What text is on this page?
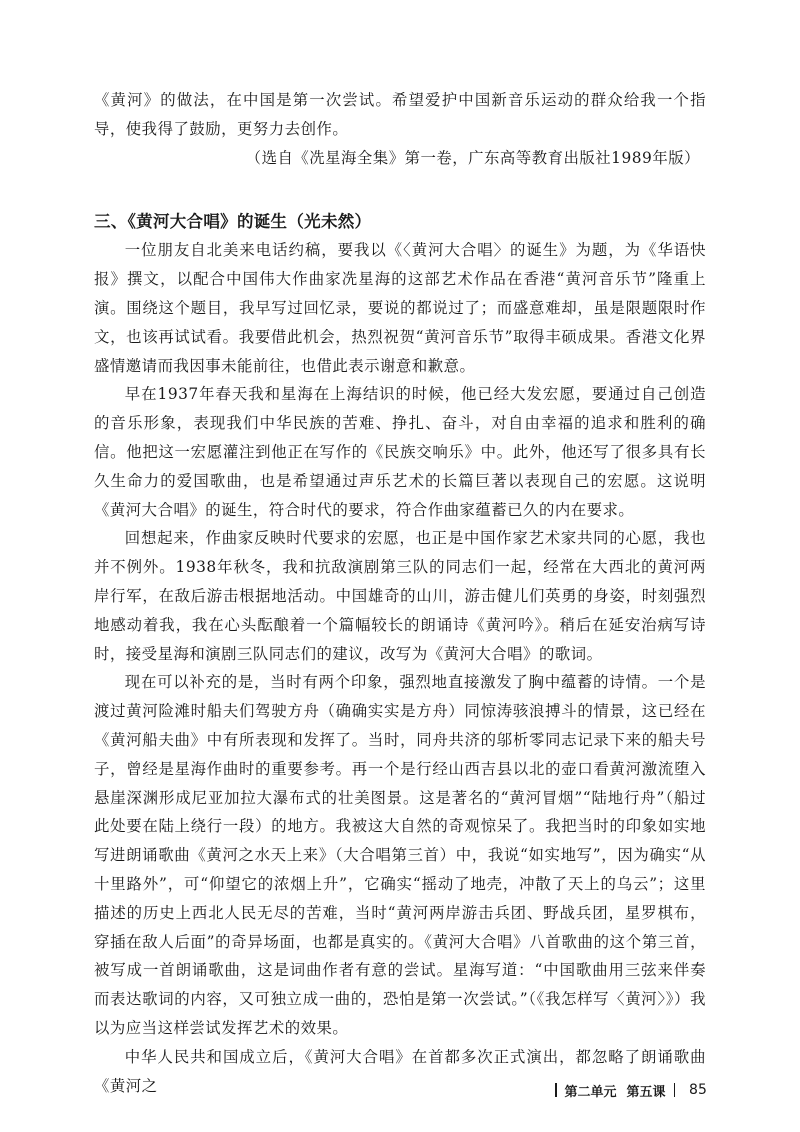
《黄河》的做法，在中国是第一次尝试。希望爱护中国新音乐运动的群众给我一个指导，使我得了鼓励，更努力去创作。

（选自《冼星海全集》第一卷，广东高等教育出版社1989年版）

三、《黄河大合唱》的诞生（光未然）

一位朋友自北美来电话约稿，要我以《〈黄河大合唱〉的诞生》为题，为《华语快报》撰文，以配合中国伟大作曲家冼星海的这部艺术作品在香港“黄河音乐节”隆重上演。围绕这个题目，我早写过回忆录，要说的都说过了；而盛意难却，虽是限题限时作文，也该再试试看。我要借此机会，热烈祝贺“黄河音乐节”取得丰硕成果。香港文化界盛情邀请而我因事未能前往，也借此表示谢意和歉意。

早在1937年春天我和星海在上海结识的时候，他已经大发宏愿，要通过自己创造的音乐形象，表现我们中华民族的苦难、挣扎、奋斗，对自由幸福的追求和胜利的确信。他把这一宏愿灌注到他正在写作的《民族交响乐》中。此外，他还写了很多具有长久生命力的爱国歌曲，也是希望通过声乐艺术的长篇巨著以表现自己的宏愿。这说明《黄河大合唱》的诞生，符合时代的要求，符合作曲家蕴蓄已久的内在要求。

回想起来，作曲家反映时代要求的宏愿，也正是中国作家艺术家共同的心愿，我也并不例外。1938年秋冬，我和抗敌演剧第三队的同志们一起，经常在大西北的黄河两岸行军，在敌后游击根据地活动。中国雄奇的山川，游击健儿们英勇的身姿，时刻强烈地感动着我，我在心头酝酿着一个篇幅较长的朗诵诗《黄河吟》。稍后在延安治病写诗时，接受星海和演剧三队同志们的建议，改写为《黄河大合唱》的歌词。

现在可以补充的是，当时有两个印象，强烈地直接激发了胸中蕴蓄的诗情。一个是渡过黄河险滩时船夫们驾驶方舟（确确实实是方舟）同惊涛骇浪搏斗的情景，这已经在《黄河船夫曲》中有所表现和发挥了。当时，同舟共济的邬析零同志记录下来的船夫号子，曾经是星海作曲时的重要参考。再一个是行经山西吉县以北的壶口看黄河激流堕入悬崖深渊形成尼亚加拉大瀑布式的壮美图景。这是著名的“黄河冒烟”“陆地行舟”（船过此处要在陆上绕行一段）的地方。我被这大自然的奇观惊呆了。我把当时的印象如实地写进朗诵歌曲《黄河之水天上来》（大合唱第三首）中，我说“如实地写”，因为确实“从十里路外”，可“仰望它的浓烟上升”，它确实“摇动了地壳，冲散了天上的乌云”；这里描述的历史上西北人民无尽的苦难，当时“黄河两岸游击兵团、野战兵团，星罗棋布，穿插在敌人后面”的奇异场面，也都是真实的。《黄河大合唱》八首歌曲的这个第三首，被写成一首朗诵歌曲，这是词曲作者有意的尝试。星海写道：“中国歌曲用三弦来伴奏而表达歌词的内容，又可独立成一曲的，恐怕是第一次尝试。”（《我怎样写〈黄河〉》）我以为应当这样尝试发挥艺术的效果。

中华人民共和国成立后，《黄河大合唱》在首都多次正式演出，都忽略了朗诵歌曲《黄河之	第二单元 第五课 85
